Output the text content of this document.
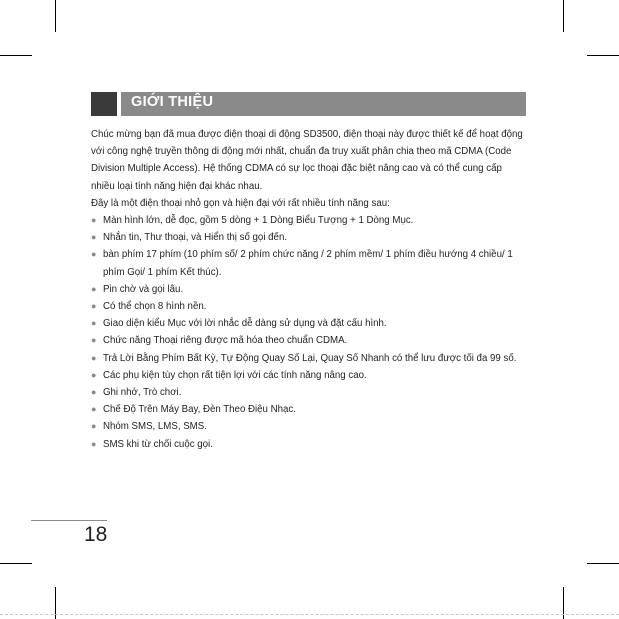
GIỚI THIỆU

Chúc mừng bạn đã mua được điện thoại di động SD3500, điện thoại này được thiết kế để hoạt động với công nghệ truyền thông di động mới nhất, chuẩn đa truy xuất phân chia theo mã CDMA (Code Division Multiple Access). Hệ thống CDMA có sự lọc thoại đặc biệt nâng cao và có thể cung cấp nhiều loại tính năng hiện đại khác nhau.

Đây là một điện thoại nhỏ gọn và hiện đại với rất nhiều tính năng sau:

● Màn hình lớn, dễ đọc, gồm 5 dòng + 1 Dòng Biểu Tượng + 1 Dòng Mục.
● Nhắn tin, Thư thoại, và Hiển thị số gọi đến.
● bàn phím 17 phím (10 phím số/ 2 phím chức năng / 2 phím mềm/ 1 phím điều hướng 4 chiều/ 1 phím Gọi/ 1 phím Kết thúc).
● Pin chờ và gọi lâu.
● Có thể chọn 8 hình nền.
● Giao diện kiểu Mục với lời nhắc dễ dàng sử dụng và đặt cấu hình.
● Chức năng Thoại riêng được mã hóa theo chuẩn CDMA.
● Trả Lời Bằng Phím Bất Kỳ, Tự Động Quay Số Lại, Quay Số Nhanh có thể lưu được tối đa 99 số.
● Các phụ kiện tùy chọn rất tiện lợi với các tính năng nâng cao.
● Ghi nhớ, Trò chơi.
● Chế Độ Trên Máy Bay, Đèn Theo Điệu Nhạc.
● Nhóm SMS, LMS, SMS.
● SMS khi từ chối cuộc gọi.
18
